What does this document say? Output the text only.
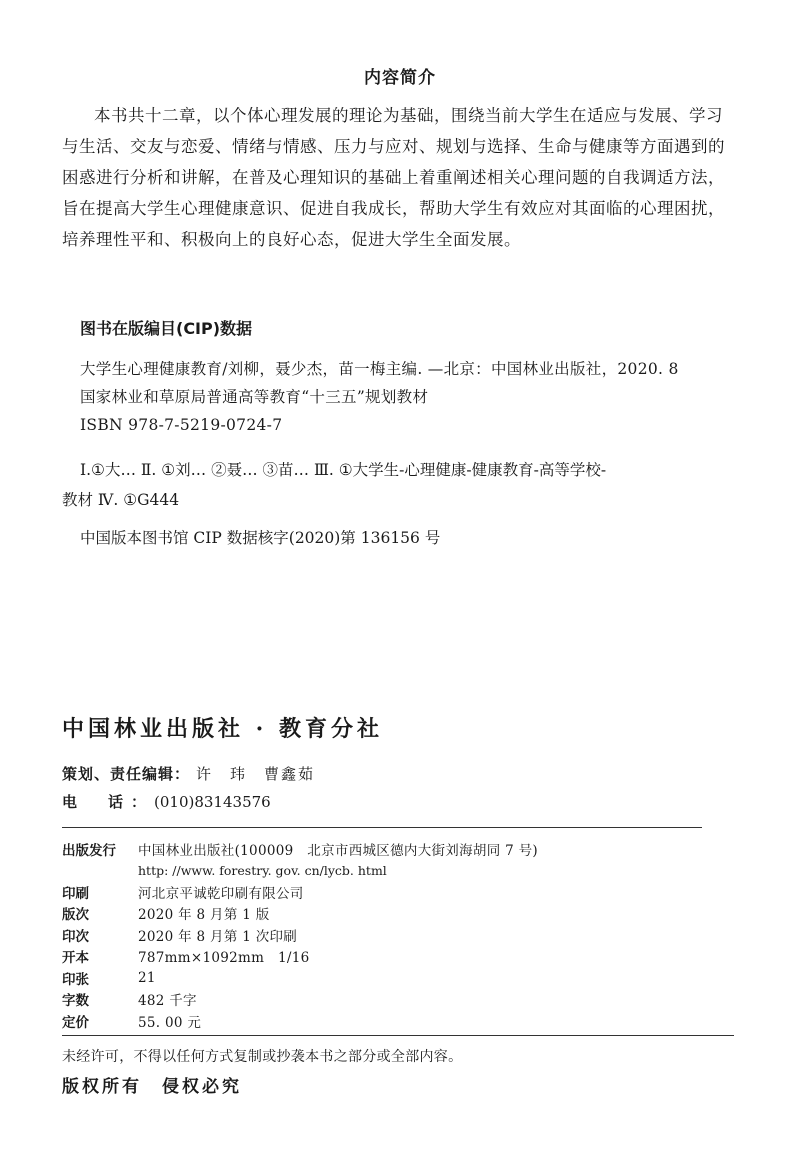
内容简介
本书共十二章，以个体心理发展的理论为基础，围绕当前大学生在适应与发展、学习
与生活、交友与恋爱、情绪与情感、压力与应对、规划与选择、生命与健康等方面遇到的
困惑进行分析和讲解，在普及心理知识的基础上着重阐述相关心理问题的自我调适方法，
旨在提高大学生心理健康意识、促进自我成长，帮助大学生有效应对其面临的心理困扰，
培养理性平和、积极向上的良好心态，促进大学生全面发展。
图书在版编目(CIP)数据
大学生心理健康教育/刘柳，聂少杰，苗一梅主编. —北京：中国林业出版社，2020. 8
国家林业和草原局普通高等教育“十三五”规划教材
ISBN 978-7-5219-0724-7
Ⅰ.①大… Ⅱ. ①刘… ②聂… ③苗… Ⅲ. ①大学生-心理健康-健康教育-高等学校-
教材 Ⅳ. ①G444
中国版本图书馆 CIP 数据核字(2020)第 136156 号
中国林业出版社 · 教育分社
策划、责任编辑： 许　玮　曹鑫茹
电　话：(010)83143576
出版发行	中国林业出版社(100009　北京市西城区德内大街刘海胡同 7 号)
http: //www. forestry. gov. cn/lycb. html
印刷	河北京平诚乾印刷有限公司
版次	2020 年 8 月第 1 版
印次	2020 年 8 月第 1 次印刷
开本	787mm×1092mm　1/16
印张	21
字数	482 千字
定价	55. 00 元
未经许可，不得以任何方式复制或抄袭本书之部分或全部内容。
版权所有 侵权必究
